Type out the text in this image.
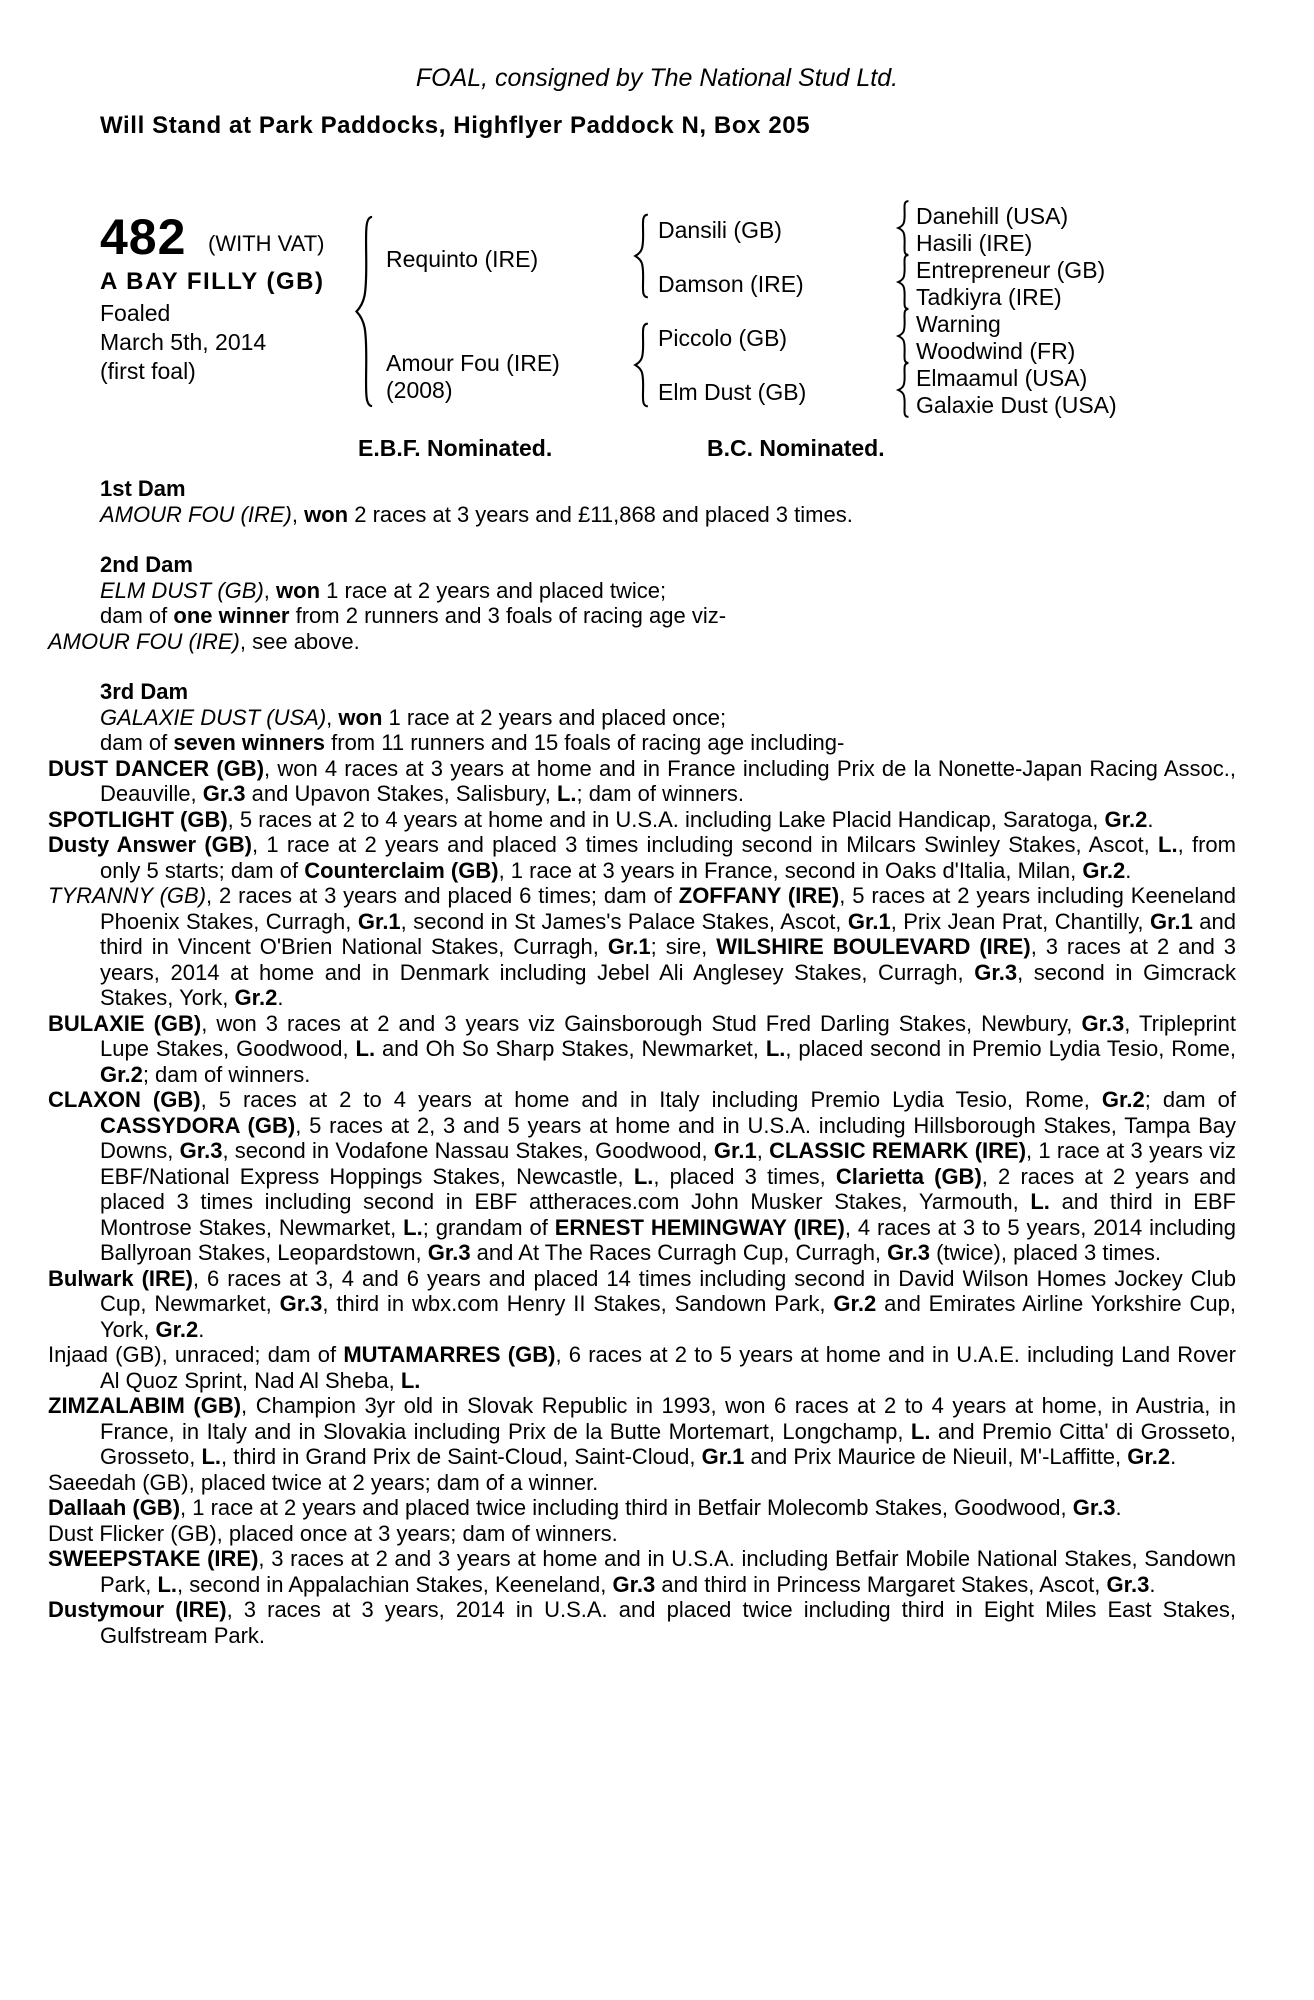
FOAL, consigned by The National Stud Ltd.
Will Stand at Park Paddocks, Highflyer Paddock N, Box 205
482 (WITH VAT)
A BAY FILLY (GB)
Foaled
March 5th, 2014
(first foal)
Requinto (IRE)
Amour Fou (IRE)
(2008)
Dansili (GB)
Damson (IRE)
Piccolo (GB)
Elm Dust (GB)
Danehill (USA)
Hasili (IRE)
Entrepreneur (GB)
Tadkiyra (IRE)
Warning
Woodwind (FR)
Elmaamul (USA)
Galaxie Dust (USA)
E.B.F. Nominated.	B.C. Nominated.

1st Dam

AMOUR FOU (IRE), won 2 races at 3 years and £11,868 and placed 3 times.

2nd Dam

ELM DUST (GB), won 1 race at 2 years and placed twice;

dam of one winner from 2 runners and 3 foals of racing age viz-

AMOUR FOU (IRE), see above.

3rd Dam

GALAXIE DUST (USA), won 1 race at 2 years and placed once;

dam of seven winners from 11 runners and 15 foals of racing age including-

DUST DANCER (GB), won 4 races at 3 years at home and in France including Prix de la Nonette-Japan Racing Assoc., Deauville, Gr.3 and Upavon Stakes, Salisbury, L.; dam of winners.

SPOTLIGHT (GB), 5 races at 2 to 4 years at home and in U.S.A. including Lake Placid Handicap, Saratoga, Gr.2.

Dusty Answer (GB), 1 race at 2 years and placed 3 times including second in Milcars Swinley Stakes, Ascot, L., from only 5 starts; dam of Counterclaim (GB), 1 race at 3 years in France, second in Oaks d'Italia, Milan, Gr.2.

TYRANNY (GB), 2 races at 3 years and placed 6 times; dam of ZOFFANY (IRE), 5 races at 2 years including Keeneland Phoenix Stakes, Curragh, Gr.1, second in St James's Palace Stakes, Ascot, Gr.1, Prix Jean Prat, Chantilly, Gr.1 and third in Vincent O'Brien National Stakes, Curragh, Gr.1; sire, WILSHIRE BOULEVARD (IRE), 3 races at 2 and 3 years, 2014 at home and in Denmark including Jebel Ali Anglesey Stakes, Curragh, Gr.3, second in Gimcrack Stakes, York, Gr.2.

BULAXIE (GB), won 3 races at 2 and 3 years viz Gainsborough Stud Fred Darling Stakes, Newbury, Gr.3, Tripleprint Lupe Stakes, Goodwood, L. and Oh So Sharp Stakes, Newmarket, L., placed second in Premio Lydia Tesio, Rome, Gr.2; dam of winners.

CLAXON (GB), 5 races at 2 to 4 years at home and in Italy including Premio Lydia Tesio, Rome, Gr.2; dam of CASSYDORA (GB), 5 races at 2, 3 and 5 years at home and in U.S.A. including Hillsborough Stakes, Tampa Bay Downs, Gr.3, second in Vodafone Nassau Stakes, Goodwood, Gr.1, CLASSIC REMARK (IRE), 1 race at 3 years viz EBF/National Express Hoppings Stakes, Newcastle, L., placed 3 times, Clarietta (GB), 2 races at 2 years and placed 3 times including second in EBF attheraces.com John Musker Stakes, Yarmouth, L. and third in EBF Montrose Stakes, Newmarket, L.; grandam of ERNEST HEMINGWAY (IRE), 4 races at 3 to 5 years, 2014 including Ballyroan Stakes, Leopardstown, Gr.3 and At The Races Curragh Cup, Curragh, Gr.3 (twice), placed 3 times.

Bulwark (IRE), 6 races at 3, 4 and 6 years and placed 14 times including second in David Wilson Homes Jockey Club Cup, Newmarket, Gr.3, third in wbx.com Henry II Stakes, Sandown Park, Gr.2 and Emirates Airline Yorkshire Cup, York, Gr.2.

Injaad (GB), unraced; dam of MUTAMARRES (GB), 6 races at 2 to 5 years at home and in U.A.E. including Land Rover Al Quoz Sprint, Nad Al Sheba, L.

ZIMZALABIM (GB), Champion 3yr old in Slovak Republic in 1993, won 6 races at 2 to 4 years at home, in Austria, in France, in Italy and in Slovakia including Prix de la Butte Mortemart, Longchamp, L. and Premio Citta' di Grosseto, Grosseto, L., third in Grand Prix de Saint-Cloud, Saint-Cloud, Gr.1 and Prix Maurice de Nieuil, M'-Laffitte, Gr.2.

Saeedah (GB), placed twice at 2 years; dam of a winner.

Dallaah (GB), 1 race at 2 years and placed twice including third in Betfair Molecomb Stakes, Goodwood, Gr.3.

Dust Flicker (GB), placed once at 3 years; dam of winners.

SWEEPSTAKE (IRE), 3 races at 2 and 3 years at home and in U.S.A. including Betfair Mobile National Stakes, Sandown Park, L., second in Appalachian Stakes, Keeneland, Gr.3 and third in Princess Margaret Stakes, Ascot, Gr.3.

Dustymour (IRE), 3 races at 3 years, 2014 in U.S.A. and placed twice including third in Eight Miles East Stakes, Gulfstream Park.
